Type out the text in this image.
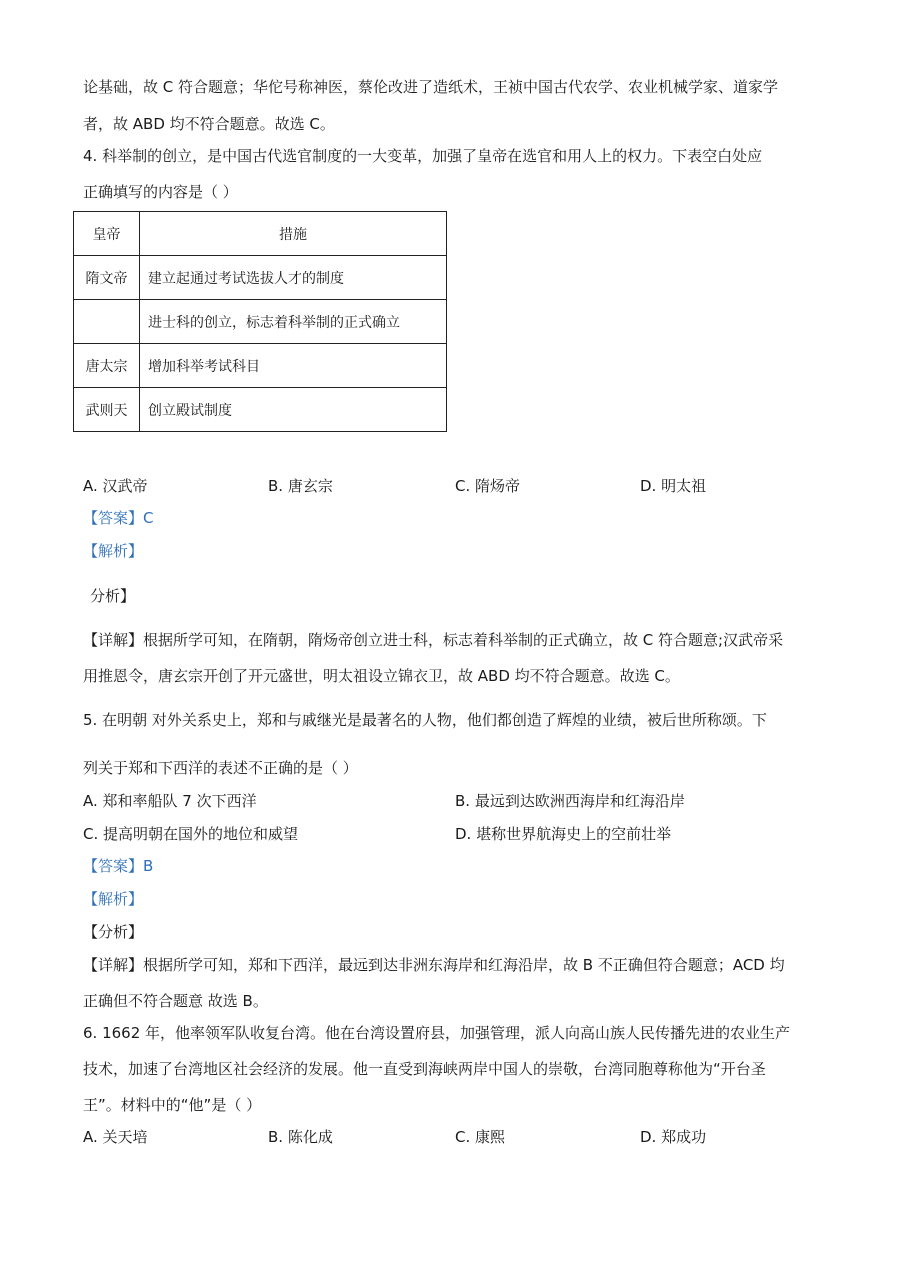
论基础，故 C 符合题意；华佗号称神医，蔡伦改进了造纸术，王祯中国古代农学、农业机械学家、道家学
者，故 ABD 均不符合题意。故选 C。
4. 科举制的创立，是中国古代选官制度的一大变革，加强了皇帝在选官和用人上的权力。下表空白处应
正确填写的内容是（ ）
皇帝	措施
隋文帝	建立起通过考试选拔人才的制度
	进士科的创立，标志着科举制的正式确立
唐太宗	增加科举考试科目
武则天	创立殿试制度
A. 汉武帝	B. 唐玄宗	C. 隋炀帝	D. 明太祖
【答案】C
【解析】
分析】
【详解】根据所学可知，在隋朝，隋炀帝创立进士科，标志着科举制的正式确立，故 C 符合题意;汉武帝采
用推恩令，唐玄宗开创了开元盛世，明太祖设立锦衣卫，故 ABD 均不符合题意。故选 C。
5. 在明朝 对外关系史上，郑和与戚继光是最著名的人物，他们都创造了辉煌的业绩，被后世所称颂。下
列关于郑和下西洋的表述不正确的是（ ）
A. 郑和率船队 7 次下西洋	B. 最远到达欧洲西海岸和红海沿岸
C. 提高明朝在国外的地位和威望	D. 堪称世界航海史上的空前壮举
【答案】B
【解析】
【分析】
【详解】根据所学可知，郑和下西洋，最远到达非洲东海岸和红海沿岸，故 B 不正确但符合题意；ACD 均
正确但不符合题意 故选 B。
6. 1662 年，他率领军队收复台湾。他在台湾设置府县，加强管理，派人向高山族人民传播先进的农业生产
技术，加速了台湾地区社会经济的发展。他一直受到海峡两岸中国人的崇敬，台湾同胞尊称他为“开台圣
王”。材料中的“他”是（ ）
A. 关天培	B. 陈化成	C. 康熙	D. 郑成功
